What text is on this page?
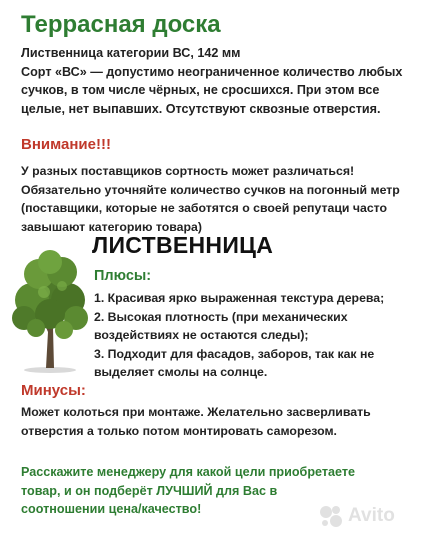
Террасная доска
Лиственница категории ВС, 142 мм
Сорт «ВС» — допустимо неограниченное количество любых
сучков, в том числе чёрных, не сросшихся. При этом все
целые, нет выпавших. Отсутствуют сквозные отверстия.
Внимание!!!
У разных поставщиков сортность может различаться!
Обязательно уточняйте количество сучков на погонный метр
(поставщики, которые не заботятся о своей репутаци часто
завышают категорию товара)
ЛИСТВЕННИЦА
Плюсы:
1. Красивая ярко выраженная текстура дерева;
2. Высокая плотность (при механических
воздействиях не остаются следы);
3. Подходит для фасадов, заборов, так как не
выделяет смолы на солнце.
Минусы:
Может колоться при монтаже. Желательно засверливать
отверстия а только потом монтировать саморезом.
Расскажите менеджеру для какой цели приобретаете
товар, и он подберёт ЛУЧШИЙ для Вас в
соотношении цена/качество!	Avito
